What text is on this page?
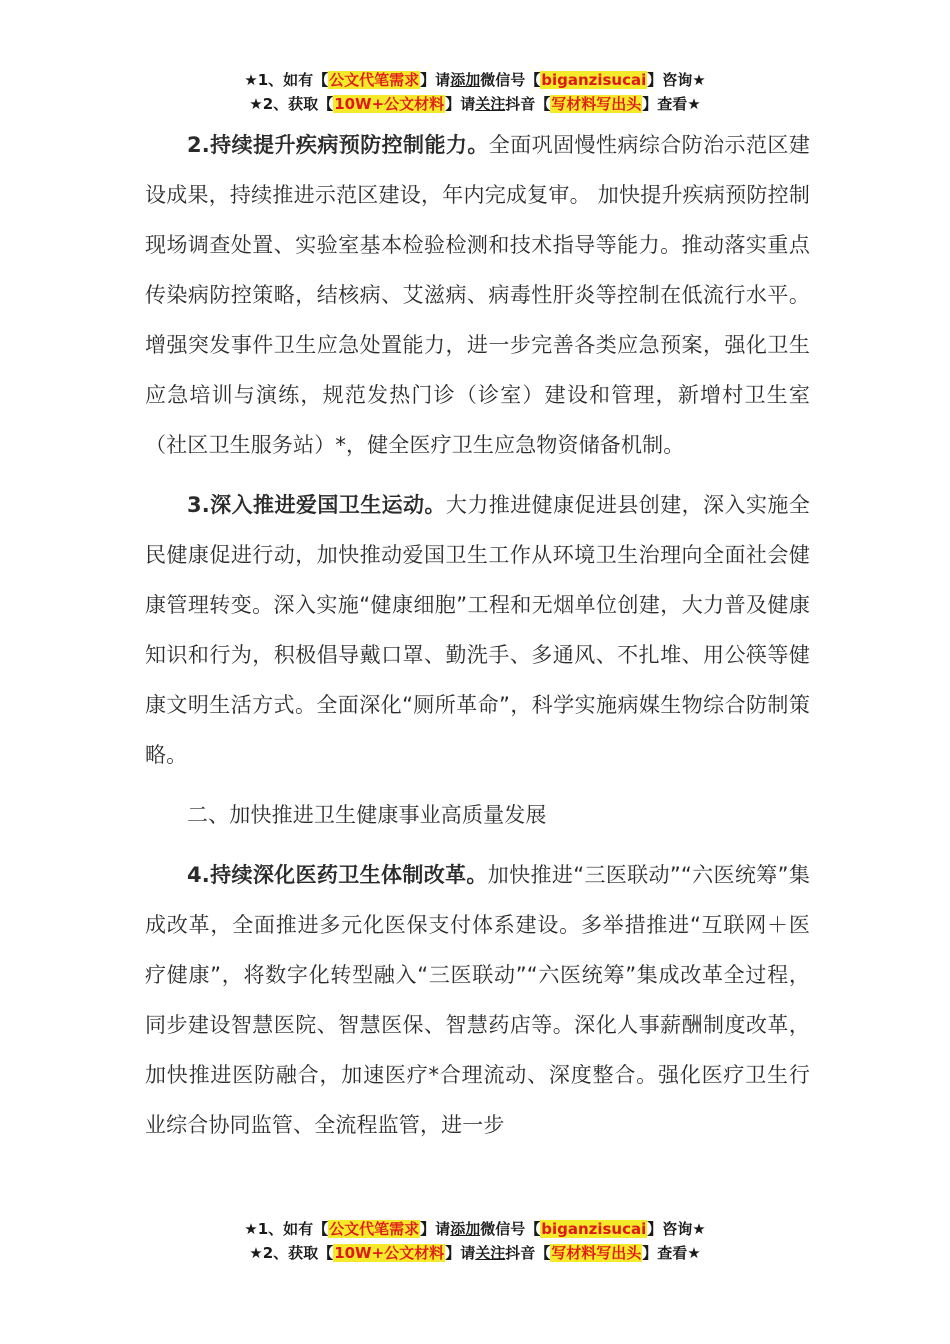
★1、如有【公文代笔需求】请添加微信号【biganzisucai】咨询★
★2、获取【10W+公文材料】请关注抖音【写材料写出头】查看★

2.持续提升疾病预防控制能力。全面巩固慢性病综合防治示范区建设成果，持续推进示范区建设，年内完成复审。 加快提升疾病预防控制现场调查处置、实验室基本检验检测和技术指导等能力。推动落实重点传染病防控策略，结核病、艾滋病、病毒性肝炎等控制在低流行水平。增强突发事件卫生应急处置能力，进一步完善各类应急预案，强化卫生应急培训与演练，规范发热门诊（诊室）建设和管理，新增村卫生室（社区卫生服务站）*，健全医疗卫生应急物资储备机制。

3.深入推进爱国卫生运动。大力推进健康促进县创建，深入实施全民健康促进行动，加快推动爱国卫生工作从环境卫生治理向全面社会健康管理转变。深入实施“健康细胞”工程和无烟单位创建，大力普及健康知识和行为，积极倡导戴口罩、勤洗手、多通风、不扎堆、用公筷等健康文明生活方式。全面深化“厕所革命”，科学实施病媒生物综合防制策略。

二、加快推进卫生健康事业高质量发展

4.持续深化医药卫生体制改革。加快推进“三医联动”“六医统筹”集成改革，全面推进多元化医保支付体系建设。多举措推进“互联网＋医疗健康”，将数字化转型融入“三医联动”“六医统筹”集成改革全过程，同步建设智慧医院、智慧医保、智慧药店等。深化人事薪酬制度改革，加快推进医防融合，加速医疗*合理流动、深度整合。强化医疗卫生行业综合协同监管、全流程监管，进一步

★1、如有【公文代笔需求】请添加微信号【biganzisucai】咨询★
★2、获取【10W+公文材料】请关注抖音【写材料写出头】查看★
